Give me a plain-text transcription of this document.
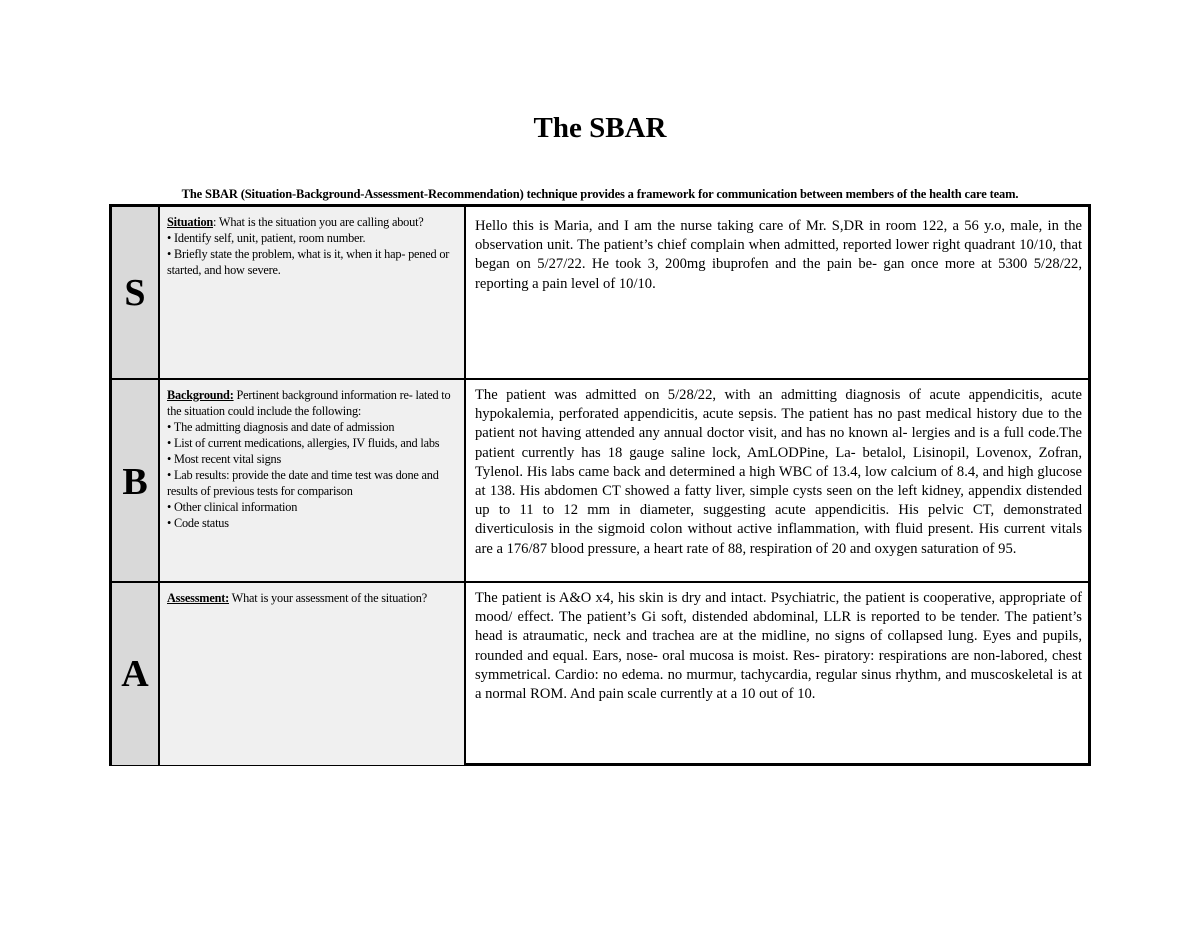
The SBAR
The SBAR (Situation-Background-Assessment-Recommendation) technique provides a framework for communication between members of the health care team.
S
Situation: What is the situation you are calling about?
• Identify self, unit, patient, room number.
• Briefly state the problem, what is it, when it hap- pened or started, and how severe.
Hello this is Maria, and I am the nurse taking care of Mr. S,DR in room 122, a 56 y.o, male, in the observation unit. The patient’s chief complain when admitted, reported lower right quadrant 10/10, that began on 5/27/22. He took 3, 200mg ibuprofen and the pain be- gan once more at 5300 5/28/22, reporting a pain level of 10/10.
B
Background: Pertinent background information re- lated to the situation could include the following:
• The admitting diagnosis and date of admission
• List of current medications, allergies, IV fluids, and labs
• Most recent vital signs
• Lab results: provide the date and time test was done and results of previous tests for comparison
• Other clinical information
• Code status
The patient was admitted on 5/28/22, with an admitting diagnosis of acute appendicitis, acute hypokalemia, perforated appendicitis, acute sepsis. The patient has no past medical history due to the patient not having attended any annual doctor visit, and has no known al- lergies and is a full code.The patient currently has 18 gauge saline lock, AmLODPine, La- betalol, Lisinopil, Lovenox, Zofran, Tylenol. His labs came back and determined a high WBC of 13.4, low calcium of 8.4, and high glucose at 138. His abdomen CT showed a fatty liver, simple cysts seen on the left kidney, appendix distended up to 11 to 12 mm in diameter, suggesting acute appendicitis. His pelvic CT, demonstrated diverticulosis in the sigmoid colon without active inflammation, with fluid present. His current vitals are a 176/87 blood pressure, a heart rate of 88, respiration of 20 and oxygen saturation of 95.
A
Assessment: What is your assessment of the situation?	The patient is A&O x4, his skin is dry and intact. Psychiatric, the patient is cooperative, appropriate of mood/ effect. The patient’s Gi soft, distended abdominal, LLR is reported to be tender. The patient’s head is atraumatic, neck and trachea are at the midline, no signs of collapsed lung. Eyes and pupils, rounded and equal. Ears, nose- oral mucosa is moist. Res- piratory: respirations are non-labored, chest symmetrical. Cardio: no edema. no murmur, tachycardia, regular sinus rhythm, and muscoskeletal is at a normal ROM. And pain scale currently at a 10 out of 10.
